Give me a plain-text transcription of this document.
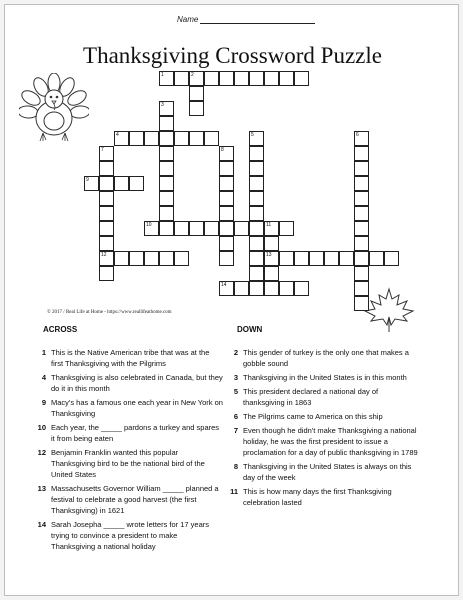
Name
Thanksgiving Crossword Puzzle
1	2
3
4	5	6
7	8
9
10	11
12	13
14
© 2017 / Real Life at Home - https://www.reallifeathome.com
ACROSS	DOWN
1 This is the Native American tribe that was at the first Thanksgiving with the Pilgrims
4 Thanksgiving is also celebrated in Canada, but they do it in this month
9 Macy's has a famous one each year in New York on Thanksgiving
10 Each year, the _____ pardons a turkey and spares it from being eaten
12 Benjamin Franklin wanted this popular Thanksgiving bird to be the national bird of the United States
13 Massachusetts Governor William _____ planned a festival to celebrate a good harvest (the first Thanksgiving) in 1621
14 Sarah Josepha _____ wrote letters for 17 years trying to convince a president to make Thanksgiving a national holiday
2 This gender of turkey is the only one that makes a gobble sound
3 Thanksgiving in the United States is in this month
5 This president declared a national day of thanksgiving in 1863
6 The Pilgrims came to America on this ship
7 Even though he didn't make Thanksgiving a national holiday, he was the first president to issue a proclamation for a day of public thanksgiving in 1789
8 Thanksgiving in the United States is always on this day of the week
11 This is how many days the first Thanksgiving celebration lasted
